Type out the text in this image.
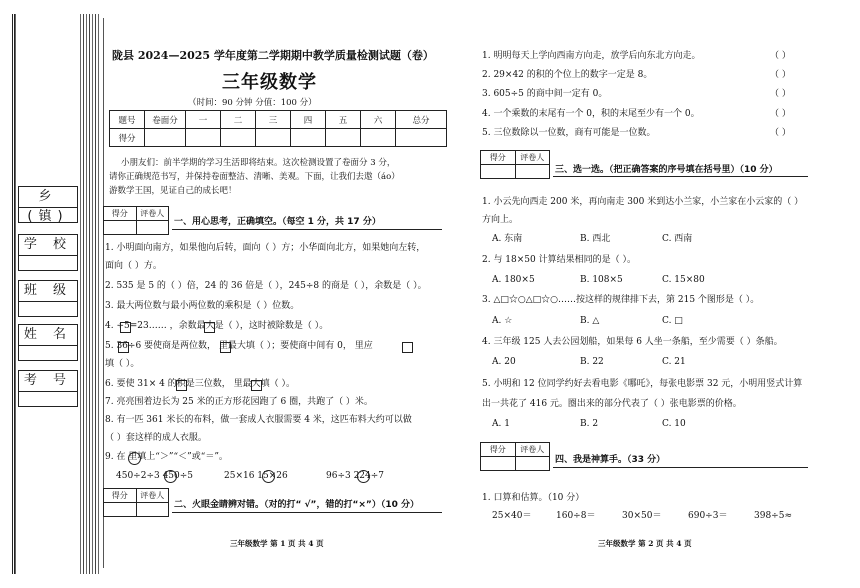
乡(镇)
学 校
班 级
姓 名
考 号
陇县 2024—2025 学年度第二学期期中教学质量检测试题（卷）
三年级数学
（时间：90 分钟 分值：100 分）
题号	卷面分	一	二	三	四	五	六	总分
得分								
小朋友们：前半学期的学习生活即将结束。这次检测设置了卷面分 3 分，
请你正确规范书写，并保持卷面整洁、清晰、美观。下面，让我们去遨（áo）
游数学王国，见证自己的成长吧！
得分	评卷人
一、用心思考，正确填空。（每空 1 分，共 17 分）
1. 小明面向南方，如果他向后转，面向（ ）方；小华面向北方，如果她向左转，
面向（ ）方。
2. 535 是 5 的（ ）倍，24 的 36 倍是（ ），245÷8 的商是（ ），余数是（ ）。
3. 最大两位数与最小两位数的乘积是（ ）位数。
4. ÷5=23…… ，余数最大是（ ），这时被除数是（ ）。
5. 36÷6 要使商是两位数， 里最大填（ ）；要使商中间有 0， 里应
填（ ）。
6. 要使 31× 4 的积是三位数， 里最大填（ ）。
7. 亮亮围着边长为 25 米的正方形花园跑了 6 圈，共跑了（ ）米。
8. 有一匹 361 米长的布料，做一套成人衣服需要 4 米，这匹布料大约可以做
（ ）套这样的成人衣服。
9. 在 里填上“＞”“＜”或“＝”。
450÷2÷3 450÷5	25×16 15×26	96÷3 224÷7
得分	评卷人
二、火眼金睛辨对错。（对的打“ √”，错的打“×”）（10 分）
三年级数学 第 1 页 共 4 页
1. 明明每天上学向西南方向走，放学后向东北方向走。	（ ）
2. 29×42 的积的个位上的数字一定是 8。	（ ）
3. 605÷5 的商中间一定有 0。	（ ）
4. 一个乘数的末尾有一个 0，积的末尾至少有一个 0。	（ ）
5. 三位数除以一位数，商有可能是一位数。	（ ）
得分	评卷人
三、选一选。（把正确答案的序号填在括号里）（10 分）
1. 小云先向西走 200 米，再向南走 300 米到达小兰家，小兰家在小云家的（ ）
方向上。
A. 东南	B. 西北	C. 西南
2. 与 18×50 计算结果相同的是（ ）。
A. 180×5	B. 108×5	C. 15×80
3. △□☆○△□☆○……按这样的规律排下去，第 215 个图形是（ ）。
A. ☆	B. △	C. □
4. 三年级 125 人去公园划船，如果每 6 人坐一条船，至少需要（ ）条船。
A. 20	B. 22	C. 21
5. 小明和 12 位同学约好去看电影《哪吒》，每张电影票 32 元，小明用竖式计算
出一共花了 416 元。圈出来的部分代表了（ ）张电影票的价格。
A. 1	B. 2	C. 10
得分	评卷人
四、我是神算手。（33 分）
1. 口算和估算。（10 分）
25×40＝	160÷8＝	30×50＝	690÷3＝	398÷5≈
三年级数学 第 2 页 共 4 页
